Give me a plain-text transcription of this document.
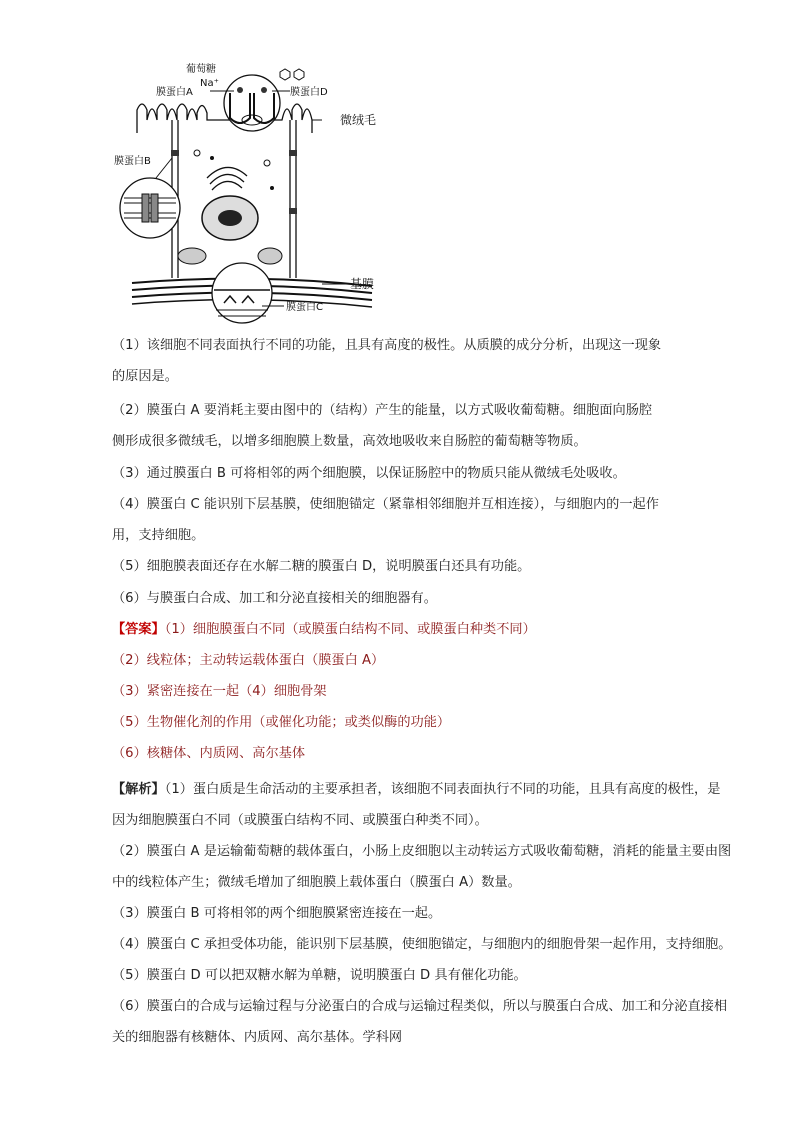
葡萄糖
Na⁺
膜蛋白A	膜蛋白D
微绒毛
膜蛋白B
基膜
膜蛋白C
（1）该细胞不同表面执行不同的功能，且具有高度的极性。从质膜的成分分析，出现这一现象
的原因是。
（2）膜蛋白 A 要消耗主要由图中的（结构）产生的能量，以方式吸收葡萄糖。细胞面向肠腔
侧形成很多微绒毛，以增多细胞膜上数量，高效地吸收来自肠腔的葡萄糖等物质。
（3）通过膜蛋白 B 可将相邻的两个细胞膜，以保证肠腔中的物质只能从微绒毛处吸收。
（4）膜蛋白 C 能识别下层基膜，使细胞锚定（紧靠相邻细胞并互相连接），与细胞内的一起作
用，支持细胞。
（5）细胞膜表面还存在水解二糖的膜蛋白 D，说明膜蛋白还具有功能。
（6）与膜蛋白合成、加工和分泌直接相关的细胞器有。
【答案】（1）细胞膜蛋白不同（或膜蛋白结构不同、或膜蛋白种类不同）
（2）线粒体；主动转运载体蛋白（膜蛋白 A）
（3）紧密连接在一起（4）细胞骨架
（5）生物催化剂的作用（或催化功能；或类似酶的功能）
（6）核糖体、内质网、高尔基体
【解析】（1）蛋白质是生命活动的主要承担者，该细胞不同表面执行不同的功能，且具有高度的极性，是
因为细胞膜蛋白不同（或膜蛋白结构不同、或膜蛋白种类不同）。
（2）膜蛋白 A 是运输葡萄糖的载体蛋白，小肠上皮细胞以主动转运方式吸收葡萄糖，消耗的能量主要由图
中的线粒体产生；微绒毛增加了细胞膜上载体蛋白（膜蛋白 A）数量。
（3）膜蛋白 B 可将相邻的两个细胞膜紧密连接在一起。
（4）膜蛋白 C 承担受体功能，能识别下层基膜，使细胞锚定，与细胞内的细胞骨架一起作用，支持细胞。
（5）膜蛋白 D 可以把双糖水解为单糖，说明膜蛋白 D 具有催化功能。
（6）膜蛋白的合成与运输过程与分泌蛋白的合成与运输过程类似，所以与膜蛋白合成、加工和分泌直接相
关的细胞器有核糖体、内质网、高尔基体。学科网
